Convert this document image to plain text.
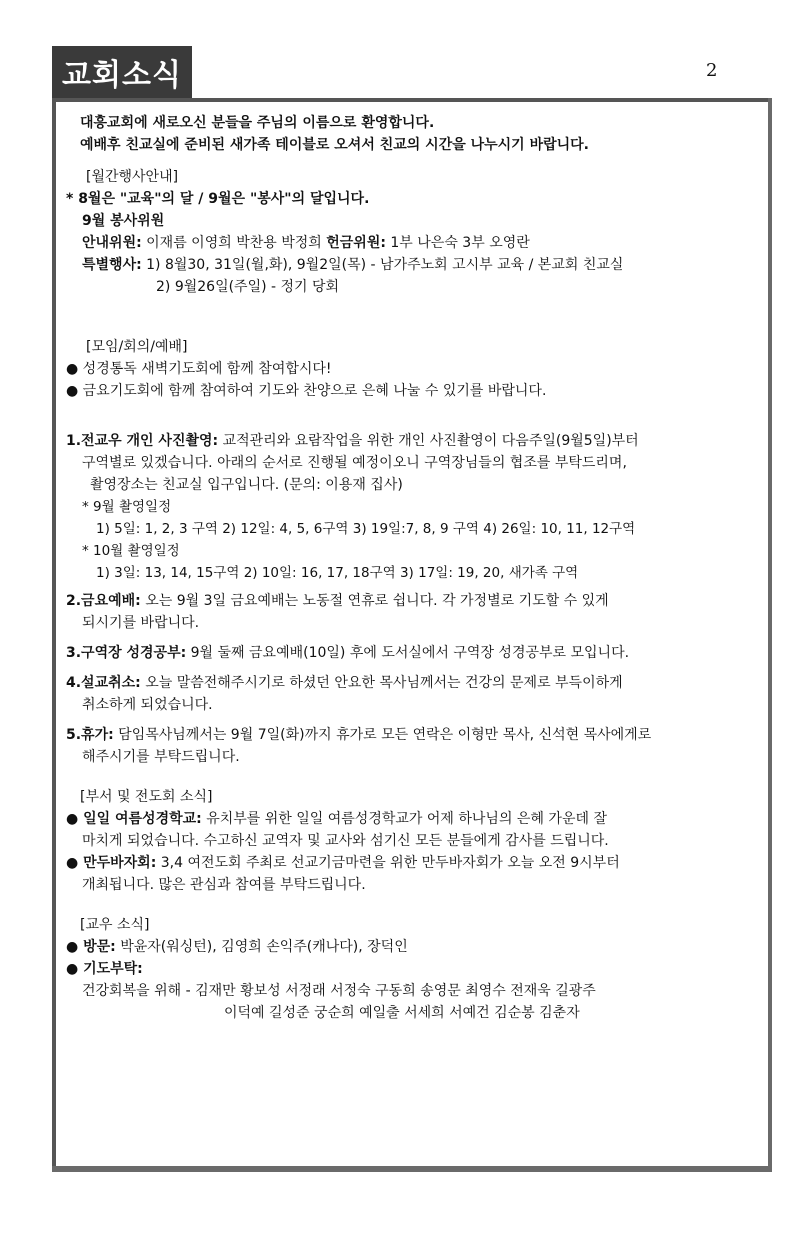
교회소식	2
대흥교회에 새로오신 분들을 주님의 이름으로 환영합니다.
예배후 친교실에 준비된 새가족 테이블로 오셔서 친교의 시간을 나누시기 바랍니다.
[월간행사안내]
* 8월은 "교육"의 달 / 9월은 "봉사"의 달입니다.
9월 봉사위원
안내위원: 이재름 이영희 박찬용 박정희 헌금위원: 1부 나은숙 3부 오영란
특별행사: 1) 8월30, 31일(월,화), 9월2일(목) - 남가주노회 고시부 교육 / 본교회 친교실
2) 9월26일(주일) - 정기 당회
[모임/회의/예배]
● 성경통독 새벽기도회에 함께 참여합시다!
● 금요기도회에 함께 참여하여 기도와 찬양으로 은혜 나눌 수 있기를 바랍니다.
1.전교우 개인 사진촬영: 교적관리와 요람작업을 위한 개인 사진촬영이 다음주일(9월5일)부터
구역별로 있겠습니다. 아래의 순서로 진행될 예정이오니 구역장님들의 협조를 부탁드리며,
촬영장소는 친교실 입구입니다. (문의: 이용재 집사)
* 9월 촬영일정
1) 5일: 1, 2, 3 구역 2) 12일: 4, 5, 6구역 3) 19일:7, 8, 9 구역 4) 26일: 10, 11, 12구역
* 10월 촬영일정
1) 3일: 13, 14, 15구역 2) 10일: 16, 17, 18구역 3) 17일: 19, 20, 새가족 구역
2.금요예배: 오는 9월 3일 금요예배는 노동절 연휴로 쉽니다. 각 가정별로 기도할 수 있게
되시기를 바랍니다.
3.구역장 성경공부: 9월 둘째 금요예배(10일) 후에 도서실에서 구역장 성경공부로 모입니다.
4.설교취소: 오늘 말씀전해주시기로 하셨던 안요한 목사님께서는 건강의 문제로 부득이하게
취소하게 되었습니다.
5.휴가: 담임목사님께서는 9월 7일(화)까지 휴가로 모든 연락은 이형만 목사, 신석현 목사에게로
해주시기를 부탁드립니다.
[부서 및 전도회 소식]
● 일일 여름성경학교: 유치부를 위한 일일 여름성경학교가 어제 하나님의 은혜 가운데 잘
마치게 되었습니다. 수고하신 교역자 및 교사와 섬기신 모든 분들에게 감사를 드립니다.
● 만두바자회: 3,4 여전도회 주최로 선교기금마련을 위한 만두바자회가 오늘 오전 9시부터
개최됩니다. 많은 관심과 참여를 부탁드립니다.
[교우 소식]
● 방문: 박윤자(워싱턴), 김영희 손익주(캐나다), 장덕인
● 기도부탁:
건강회복을 위해 - 김재만 황보성 서정래 서정숙 구동희 송영문 최영수 전재욱 길광주
이덕예 길성준 궁순희 예일출 서세희 서예건 김순봉 김춘자
